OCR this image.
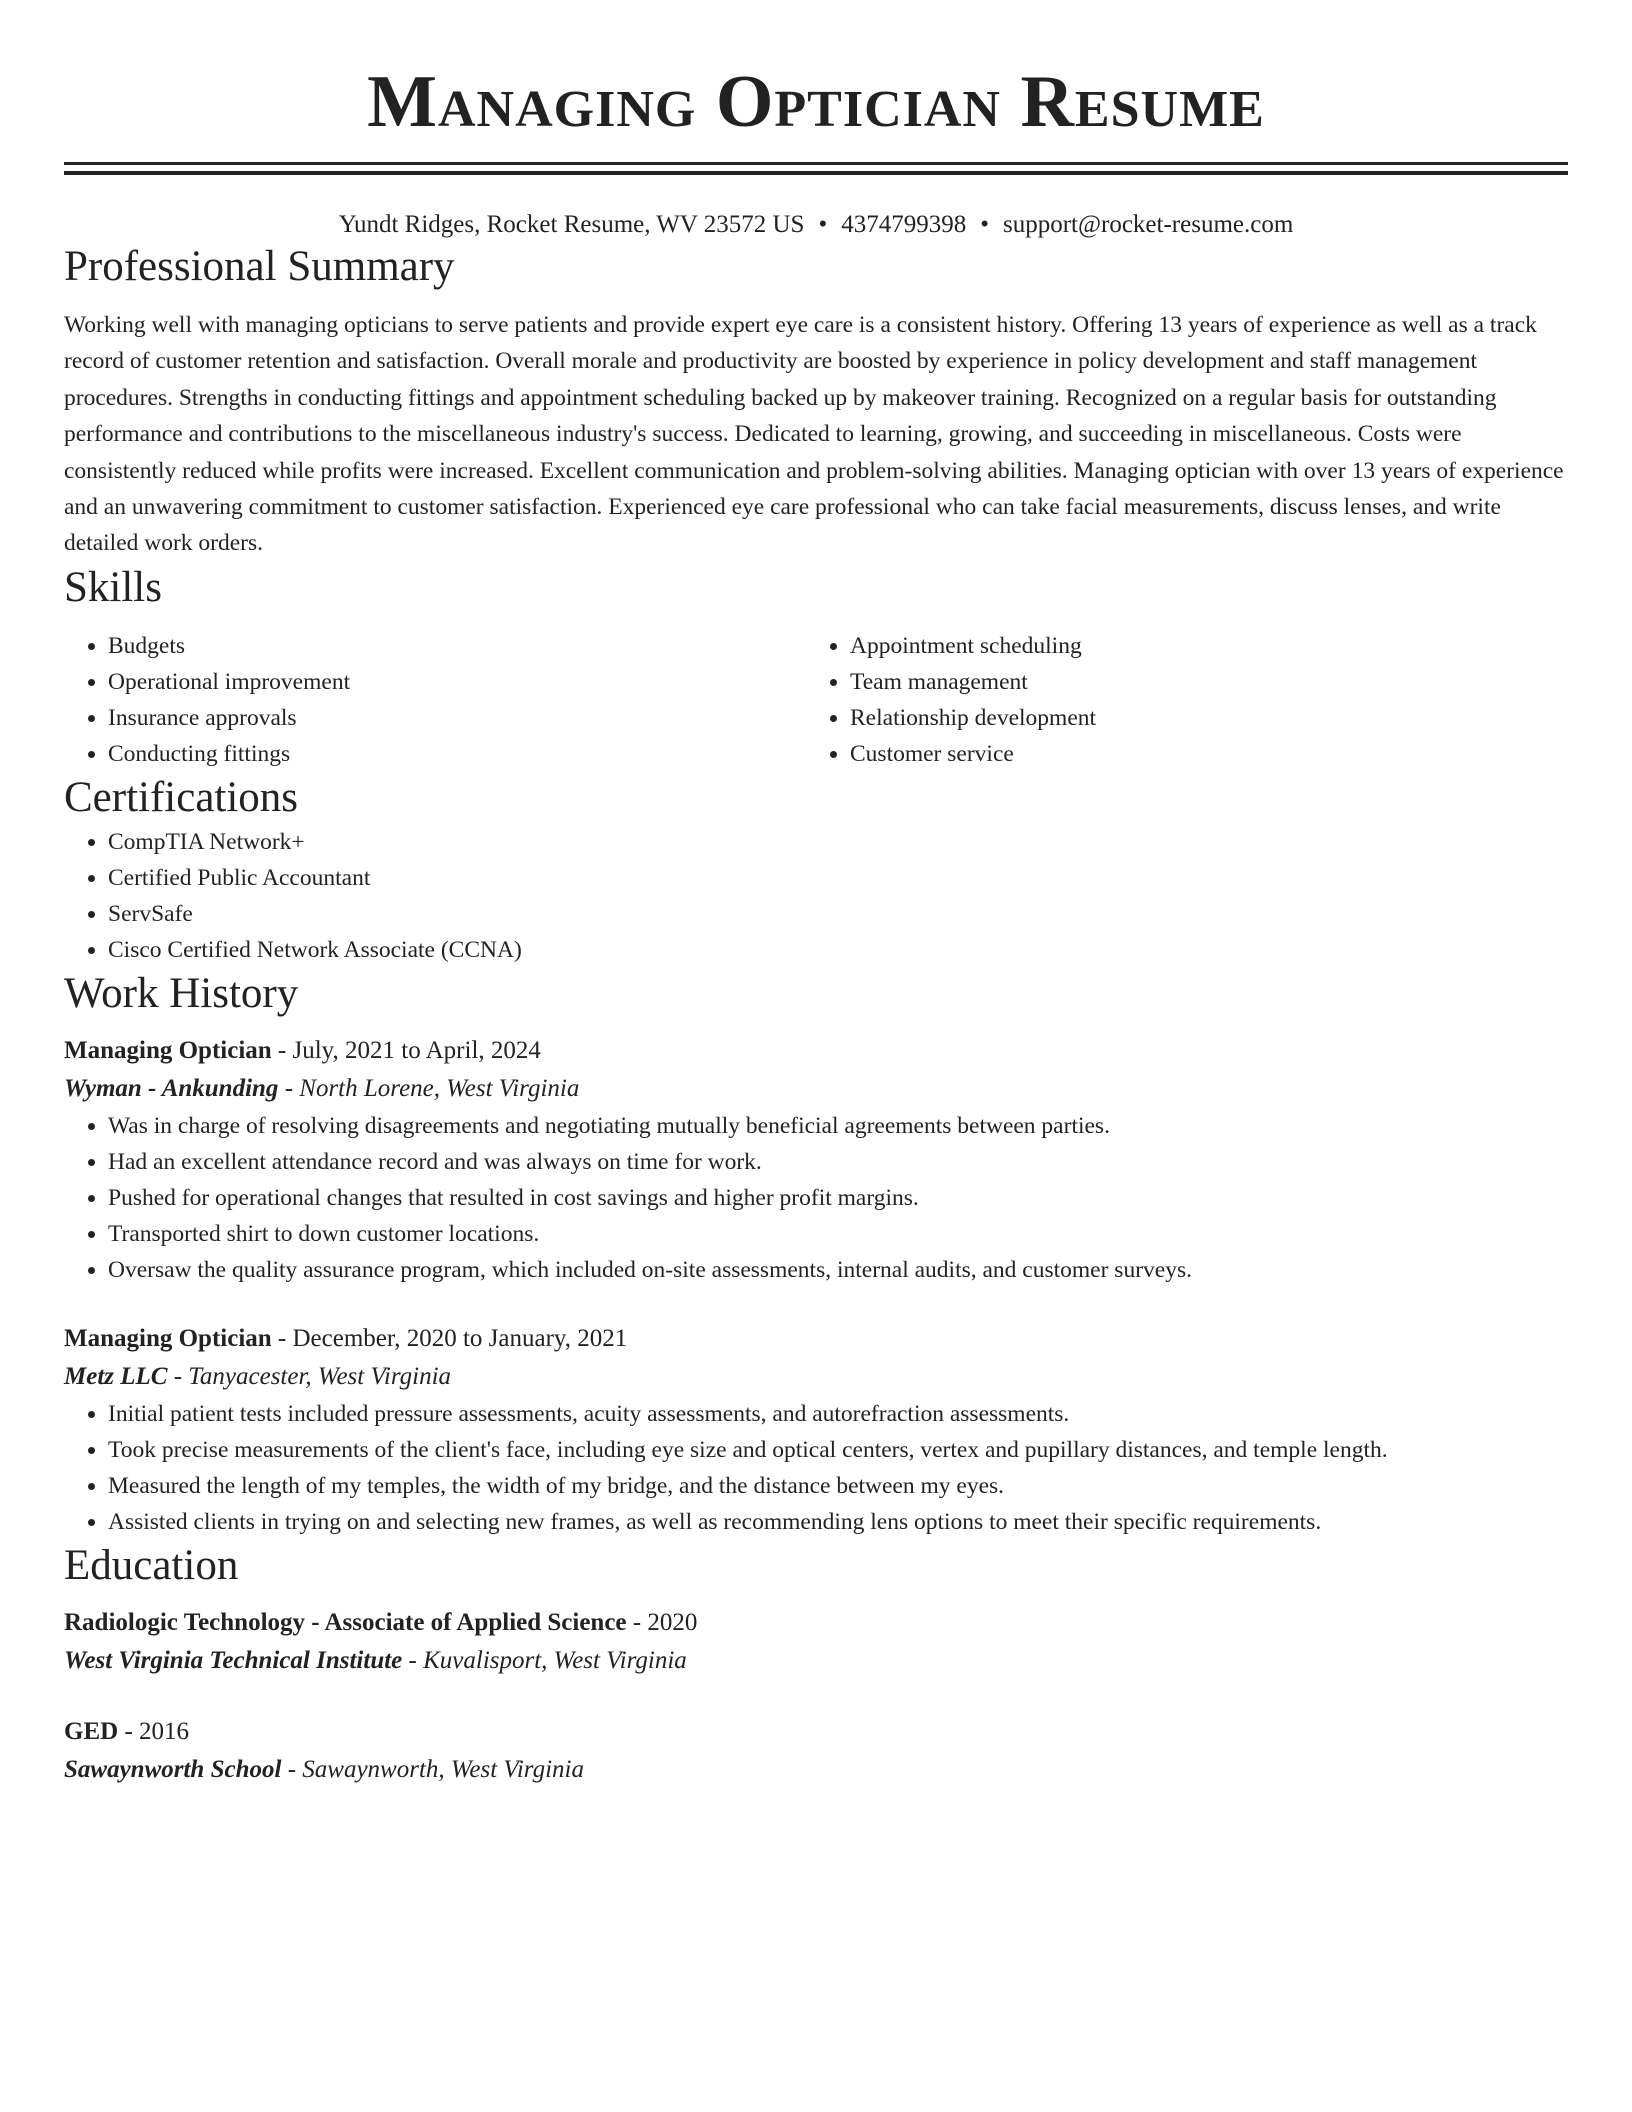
Managing Optician Resume
Yundt Ridges, Rocket Resume, WV 23572 US • 4374799398 • support@rocket-resume.com
Professional Summary

Working well with managing opticians to serve patients and provide expert eye care is a consistent history. Offering 13 years of experience as well as a track record of customer retention and satisfaction. Overall morale and productivity are boosted by experience in policy development and staff management procedures. Strengths in conducting fittings and appointment scheduling backed up by makeover training. Recognized on a regular basis for outstanding performance and contributions to the miscellaneous industry's success. Dedicated to learning, growing, and succeeding in miscellaneous. Costs were consistently reduced while profits were increased. Excellent communication and problem-solving abilities. Managing optician with over 13 years of experience and an unwavering commitment to customer satisfaction. Experienced eye care professional who can take facial measurements, discuss lenses, and write detailed work orders.

Skills
• Budgets
• Operational improvement
• Insurance approvals
• Conducting fittings
• Appointment scheduling
• Team management
• Relationship development
• Customer service
Certifications
• CompTIA Network+
• Certified Public Accountant
• ServSafe
• Cisco Certified Network Associate (CCNA)
Work History
Managing Optician - July, 2021 to April, 2024
Wyman - Ankunding - North Lorene, West Virginia
• Was in charge of resolving disagreements and negotiating mutually beneficial agreements between parties.
• Had an excellent attendance record and was always on time for work.
• Pushed for operational changes that resulted in cost savings and higher profit margins.
• Transported shirt to down customer locations.
• Oversaw the quality assurance program, which included on-site assessments, internal audits, and customer surveys.
Managing Optician - December, 2020 to January, 2021
Metz LLC - Tanyacester, West Virginia
• Initial patient tests included pressure assessments, acuity assessments, and autorefraction assessments.
• Took precise measurements of the client's face, including eye size and optical centers, vertex and pupillary distances, and temple length.
• Measured the length of my temples, the width of my bridge, and the distance between my eyes.
• Assisted clients in trying on and selecting new frames, as well as recommending lens options to meet their specific requirements.
Education
Radiologic Technology - Associate of Applied Science - 2020
West Virginia Technical Institute - Kuvalisport, West Virginia
GED - 2016
Sawaynworth School - Sawaynworth, West Virginia
